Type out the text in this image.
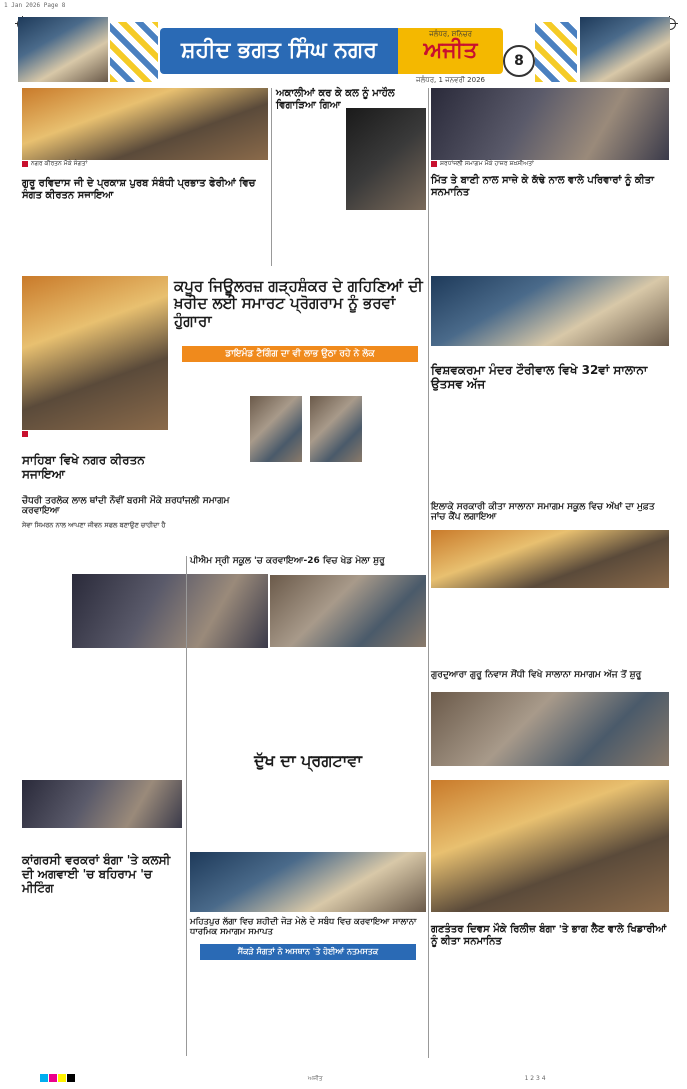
1 Jan 2026 Page 8
ਸ਼ਹੀਦ ਭਗਤ ਸਿੰਘ ਨਗਰ
ਜਲੰਧਰ, ਸ਼ਨਿਚਰ
ਅਜੀਤ
ਜਲੰਧਰ, 1 ਜਨਵਰੀ 2026
8
ਨਗਰ ਕੀਰਤਨ ਮੌਕੇ ਸੰਗਤਾਂ
ਅਕਾਲੀਆਂ ਕਰ ਕੇ ਕਲ ਨੂੰ ਮਾਹੌਲ ਵਿਗਾੜਿਆ ਗਿਆ

ਸ਼ਰਧਾਂਜਲੀ ਸਮਾਗਮ ਮੌਕੇ ਹਾਜ਼ਰ ਸ਼ਖ਼ਸੀਅਤਾਂ
ਗੁਰੂ ਰਵਿਦਾਸ ਜੀ ਦੇ ਪ੍ਰਕਾਸ਼ ਪੁਰਬ ਸੰਬੰਧੀ ਪ੍ਰਭਾਤ ਫੇਰੀਆਂ ਵਿਚ ਸੰਗਤ ਕੀਰਤਨ ਸਜਾਇਆ

ਮਿੱਤ ਤੇ ਬਾਣੀ ਨਾਲ ਸਾਜ਼ੇ ਕੇ ਕੱਢੇ ਨਾਲ ਵਾਲੇ ਪਰਿਵਾਰਾਂ ਨੂੰ ਕੀਤਾ ਸਨਮਾਨਿਤ

ਸਾਹਿਬਾ ਵਿਖੇ ਨਗਰ ਕੀਰਤਨ ਸਜਾਇਆ
ਕਪੂਰ ਜਿਊਲਰਜ਼ ਗੜ੍ਹਸ਼ੰਕਰ ਦੇ ਗਹਿਣਿਆਂ ਦੀ ਖ਼ਰੀਦ ਲਈ ਸਮਾਰਟ ਪ੍ਰੋਗਰਾਮ ਨੂੰ ਭਰਵਾਂ ਹੁੰਗਾਰਾ
ਡਾਇਮੰਡ ਟੈਗਿੰਗ ਦਾ ਵੀ ਲਾਭ ਉਠਾ ਰਹੇ ਨੇ ਲੋਕ

ਵਿਸ਼ਵਕਰਮਾ ਮੰਦਰ ਟੌਰੀਵਾਲ ਵਿਖੇ 32ਵਾਂ ਸਾਲਾਨਾ ਉਤਸਵ ਅੱਜ

ਚੌਧਰੀ ਤਰਲੋਕ ਲਾਲ ਥਾਂਦੀ ਨੌਵੀਂ ਬਰਸੀ ਮੌਕੇ ਸ਼ਰਧਾਂਜਲੀ ਸਮਾਗਮ ਕਰਵਾਇਆ
ਸੇਵਾ ਸਿਮਰਨ ਨਾਲ ਆਪਣਾ ਜੀਵਨ ਸਫਲ ਬਣਾਉਣ ਚਾਹੀਦਾ ਹੈ

ਪੀਐਮ ਸ੍ਰੀ ਸਕੂਲ 'ਚ ਕਰਵਾਇਆ-26 ਵਿਚ ਖੇਡ ਮੇਲਾ ਸ਼ੁਰੂ

ਇਲਾਕੇ ਸਰਕਾਰੀ ਕੀਤਾ ਸਾਲਾਨਾ ਸਮਾਗਮ ਸਕੂਲ ਵਿਚ ਅੱਖਾਂ ਦਾ ਮੁਫ਼ਤ ਜਾਂਚ ਕੈਂਪ ਲਗਾਇਆ

ਦੁੱਖ ਦਾ ਪ੍ਰਗਟਾਵਾ

ਗੁਰਦੁਆਰਾ ਗੁਰੂ ਨਿਵਾਸ ਸੌਂਧੀ ਵਿਖੇ ਸਾਲਾਨਾ ਸਮਾਗਮ ਅੱਜ ਤੋਂ ਸ਼ੁਰੂ
ਕਾਂਗਰਸੀ ਵਰਕਰਾਂ ਬੰਗਾ 'ਤੇ ਕਲਸੀ ਦੀ ਅਗਵਾਈ 'ਚ ਬਹਿਰਾਮ 'ਚ ਮੀਟਿੰਗ

ਮਹਿਤਪੁਰ ਲੱਗਾ ਵਿਚ ਸ਼ਹੀਦੀ ਜੋੜ ਮੇਲੇ ਦੇ ਸਬੰਧ ਵਿਚ ਕਰਵਾਇਆ ਸਾਲਾਨਾ ਧਾਰਮਿਕ ਸਮਾਗਮ ਸਮਾਪਤ
ਸੈਂਕੜੇ ਸੰਗਤਾਂ ਨੇ ਅਸਥਾਨ 'ਤੇ ਹੋਈਆਂ ਨਤਮਸਤਕ

ਗਣਤੰਤਰ ਦਿਵਸ ਮੌਕੇ ਰਿਲੀਜ਼ ਬੰਗਾ 'ਤੇ ਭਾਗ ਲੈਣ ਵਾਲੇ ਖਿਡਾਰੀਆਂ ਨੂੰ ਕੀਤਾ ਸਨਮਾਨਿਤ

ਅਜੀਤ	1 2 3 4
